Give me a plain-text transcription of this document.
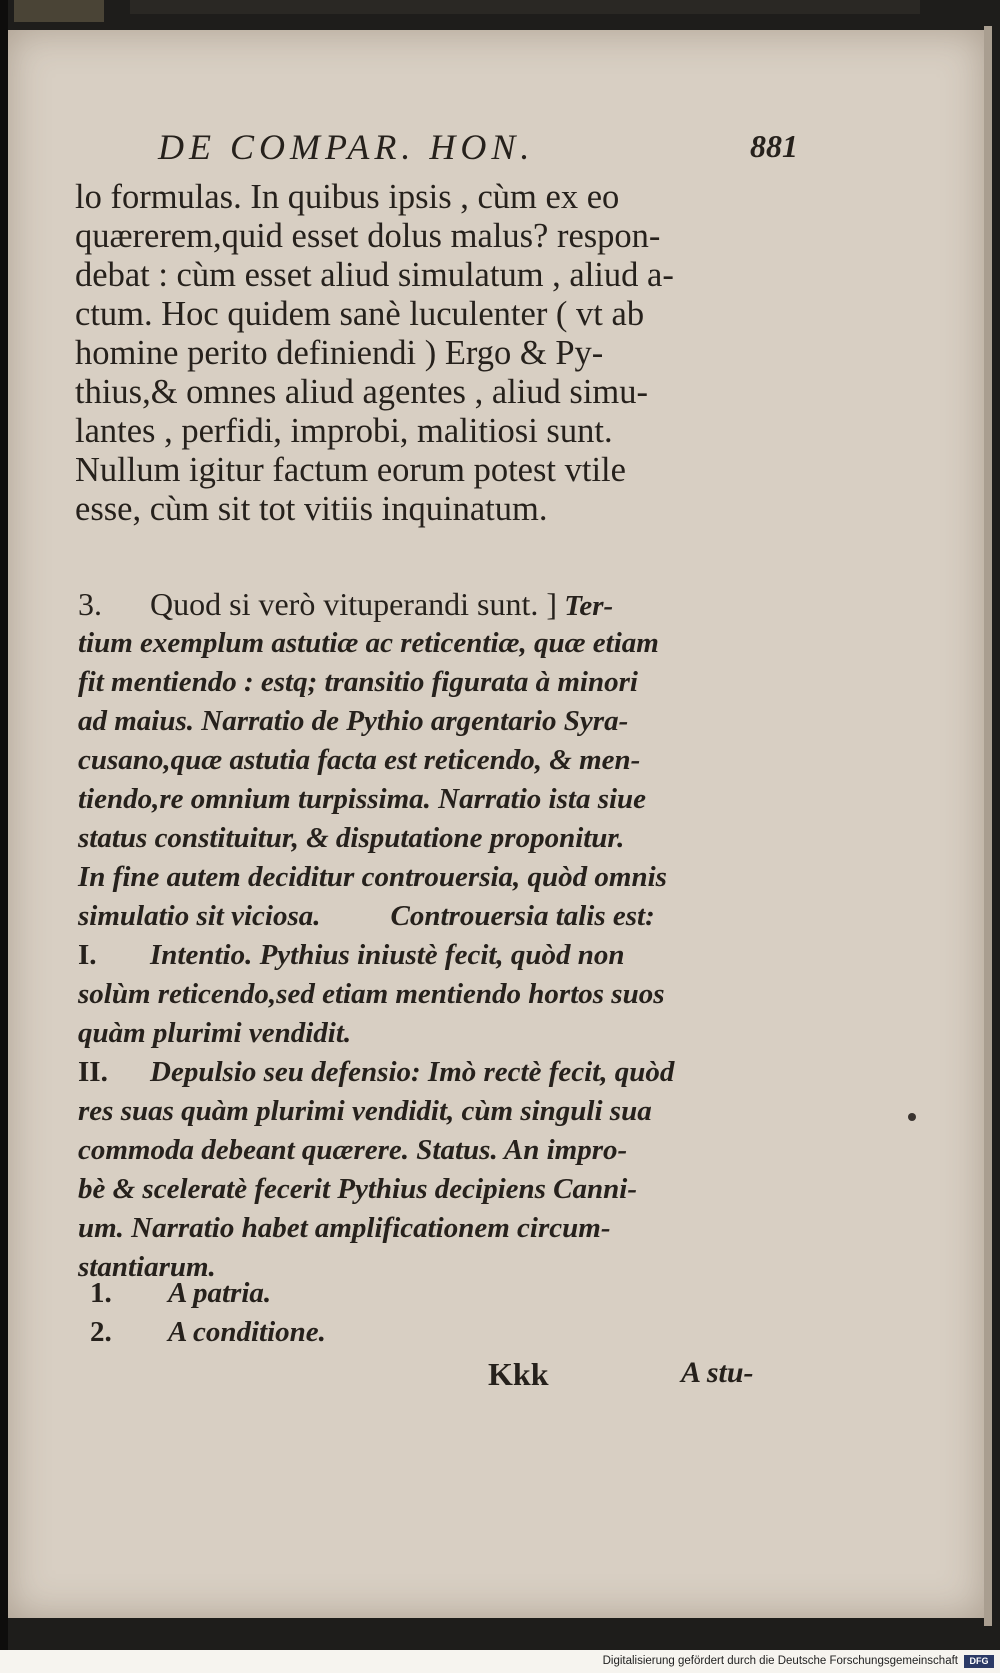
DE COMPAR. HON.	881
lo formulas. In quibus ipsis , cùm ex eo
quærerem,quid esset dolus malus? respon-
debat : cùm esset aliud simulatum , aliud a-
ctum. Hoc quidem sanè luculenter ( vt ab
homine perito definiendi ) Ergo & Py-
thius,& omnes aliud agentes , aliud simu-
lantes , perfidi, improbi, malitiosi sunt.
Nullum igitur factum eorum potest vtile
esse, cùm sit tot vitiis inquinatum.
3. Quod si verò vituperandi sunt. ] Ter-
tium exemplum astutiæ ac reticentiæ, quæ etiam
fit mentiendo : estq; transitio figurata à minori
ad maius. Narratio de Pythio argentario Syra-
cusano,quæ astutia facta est reticendo, & men-
tiendo,re omnium turpissima. Narratio ista siue
status constituitur, & disputatione proponitur.
In fine autem deciditur controuersia, quòd omnis
simulatio sit viciosa. Controuersia talis est:
I. Intentio. Pythius iniustè fecit, quòd non
solùm reticendo,sed etiam mentiendo hortos suos
quàm plurimi vendidit.
II. Depulsio seu defensio: Imò rectè fecit, quòd
res suas quàm plurimi vendidit, cùm singuli sua
commoda debeant quærere. Status. An impro-
bè & sceleratè fecerit Pythius decipiens Canni-
um. Narratio habet amplificationem circum-
stantiarum.
1. A patria.
2. A conditione.
Kkk	A stu-
Digitalisierung gefördert durch die Deutsche Forschungsgemeinschaft	DFG
